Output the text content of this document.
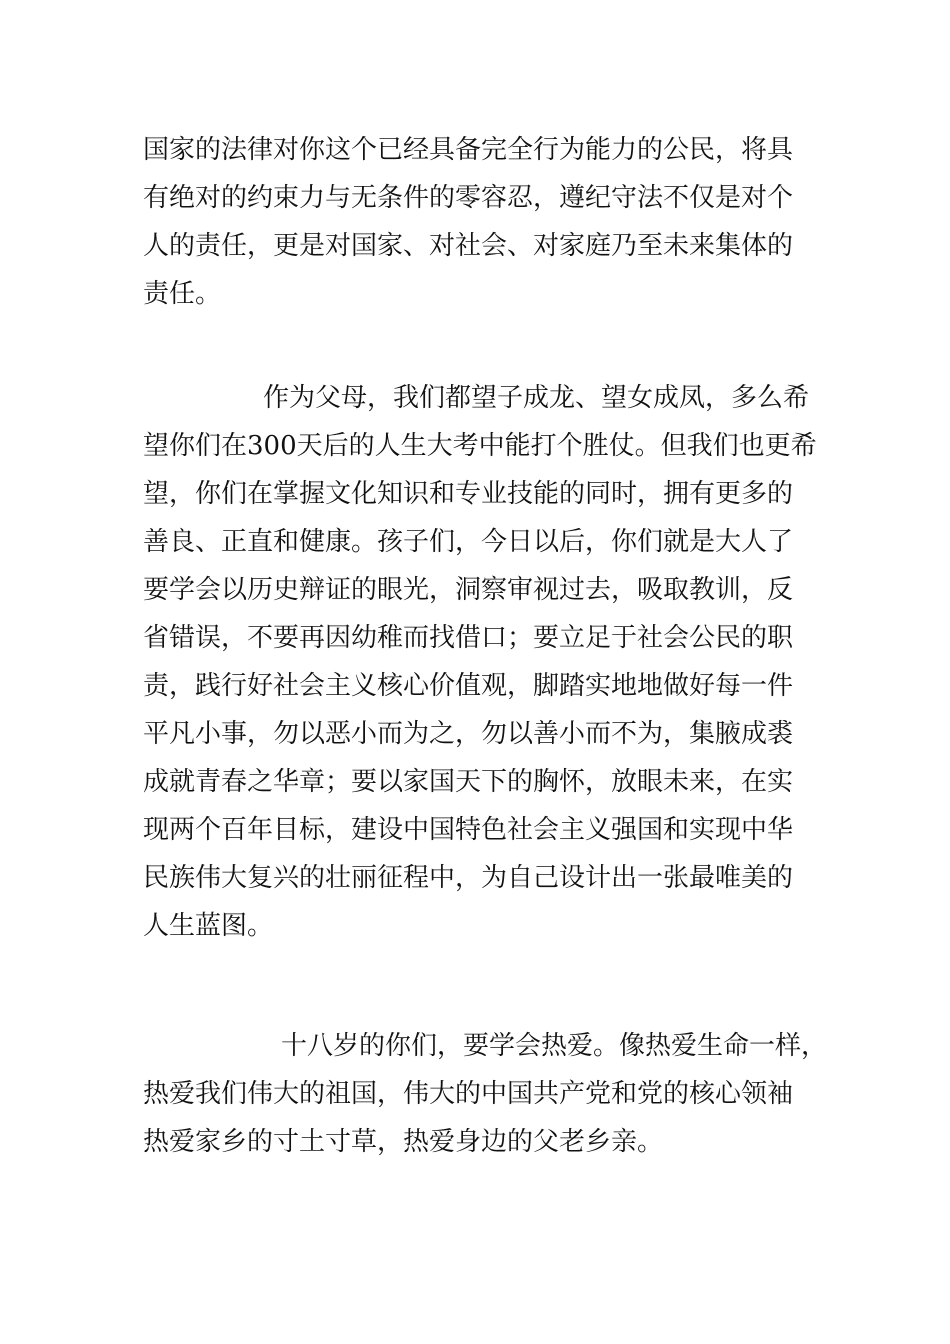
国家的法律对你这个已经具备完全行为能力的公民，将具
有绝对的约束力与无条件的零容忍，遵纪守法不仅是对个
人的责任，更是对国家、对社会、对家庭乃至未来集体的
责任。
作为父母，我们都望子成龙、望女成凤，多么希
望你们在300天后的人生大考中能打个胜仗。但我们也更希
望，你们在掌握文化知识和专业技能的同时，拥有更多的
善良、正直和健康。孩子们，今日以后，你们就是大人了
要学会以历史辩证的眼光，洞察审视过去，吸取教训，反
省错误，不要再因幼稚而找借口；要立足于社会公民的职
责，践行好社会主义核心价值观，脚踏实地地做好每一件
平凡小事，勿以恶小而为之，勿以善小而不为，集腋成裘
成就青春之华章；要以家国天下的胸怀，放眼未来，在实
现两个百年目标，建设中国特色社会主义强国和实现中华
民族伟大复兴的壮丽征程中，为自己设计出一张最唯美的
人生蓝图。
十八岁的你们，要学会热爱。像热爱生命一样，
热爱我们伟大的祖国，伟大的中国共产党和党的核心领袖
热爱家乡的寸土寸草，热爱身边的父老乡亲。
